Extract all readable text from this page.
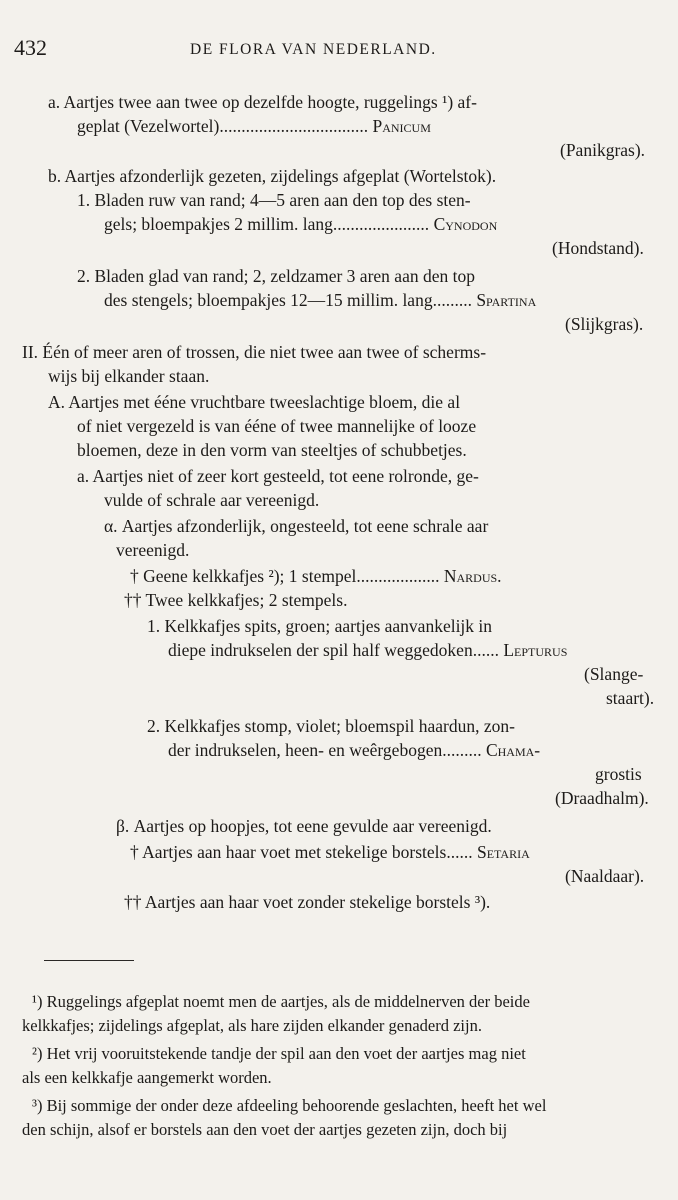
432	DE FLORA VAN NEDERLAND.
a. Aartjes twee aan twee op dezelfde hoogte, ruggelings ¹) af-
geplat (Vezelwortel).................................. Panicum
(Panikgras).
b. Aartjes afzonderlijk gezeten, zijdelings afgeplat (Wortelstok).
1. Bladen ruw van rand; 4—5 aren aan den top des sten-
gels; bloempakjes 2 millim. lang...................... Cynodon
(Hondstand).
2. Bladen glad van rand; 2, zeldzamer 3 aren aan den top
des stengels; bloempakjes 12—15 millim. lang......... Spartina
(Slijkgras).
II. Één of meer aren of trossen, die niet twee aan twee of scherms-
wijs bij elkander staan.
A. Aartjes met ééne vruchtbare tweeslachtige bloem, die al
of niet vergezeld is van ééne of twee mannelijke of looze
bloemen, deze in den vorm van steeltjes of schubbetjes.
a. Aartjes niet of zeer kort gesteeld, tot eene rolronde, ge-
vulde of schrale aar vereenigd.
α. Aartjes afzonderlijk, ongesteeld, tot eene schrale aar
vereenigd.
† Geene kelkkafjes ²); 1 stempel................... Nardus.
†† Twee kelkkafjes; 2 stempels.
1. Kelkkafjes spits, groen; aartjes aanvankelijk in
diepe indrukselen der spil half weggedoken...... Lepturus
(Slange-
staart).
2. Kelkkafjes stomp, violet; bloemspil haardun, zon-
der indrukselen, heen- en weêrgebogen......... Chama-
grostis
(Draadhalm).
β. Aartjes op hoopjes, tot eene gevulde aar vereenigd.
† Aartjes aan haar voet met stekelige borstels...... Setaria
(Naaldaar).
†† Aartjes aan haar voet zonder stekelige borstels ³).
¹) Ruggelings afgeplat noemt men de aartjes, als de middelnerven der beide
kelkkafjes; zijdelings afgeplat, als hare zijden elkander genaderd zijn.
²) Het vrij vooruitstekende tandje der spil aan den voet der aartjes mag niet
als een kelkkafje aangemerkt worden.
³) Bij sommige der onder deze afdeeling behoorende geslachten, heeft het wel
den schijn, alsof er borstels aan den voet der aartjes gezeten zijn, doch bij
